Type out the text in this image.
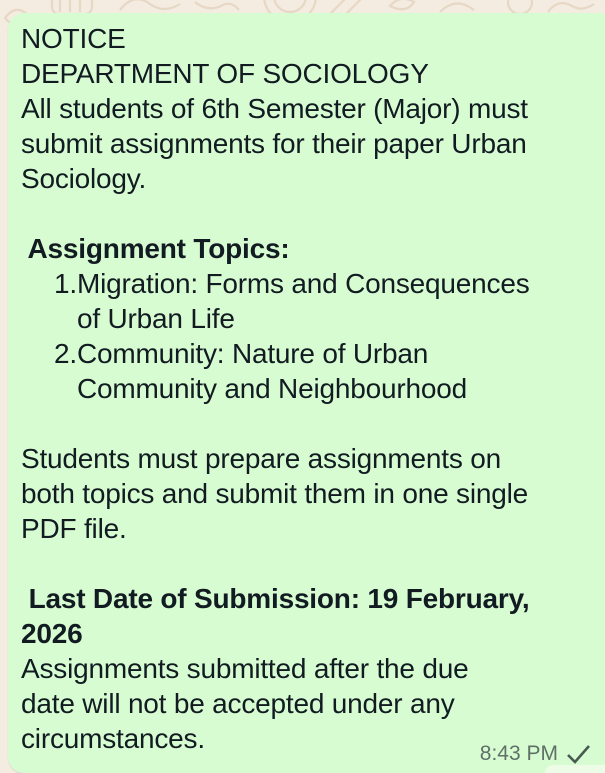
NOTICE
DEPARTMENT OF SOCIOLOGY
All students of 6th Semester (Major) must
submit assignments for their paper Urban
Sociology.

Assignment Topics:
1. Migration: Forms and Consequences
of Urban Life
2. Community: Nature of Urban
Community and Neighbourhood

Students must prepare assignments on
both topics and submit them in one single
PDF file.

Last Date of Submission: 19 February,
2026
Assignments submitted after the due
date will not be accepted under any
circumstances.	8:43 PM
